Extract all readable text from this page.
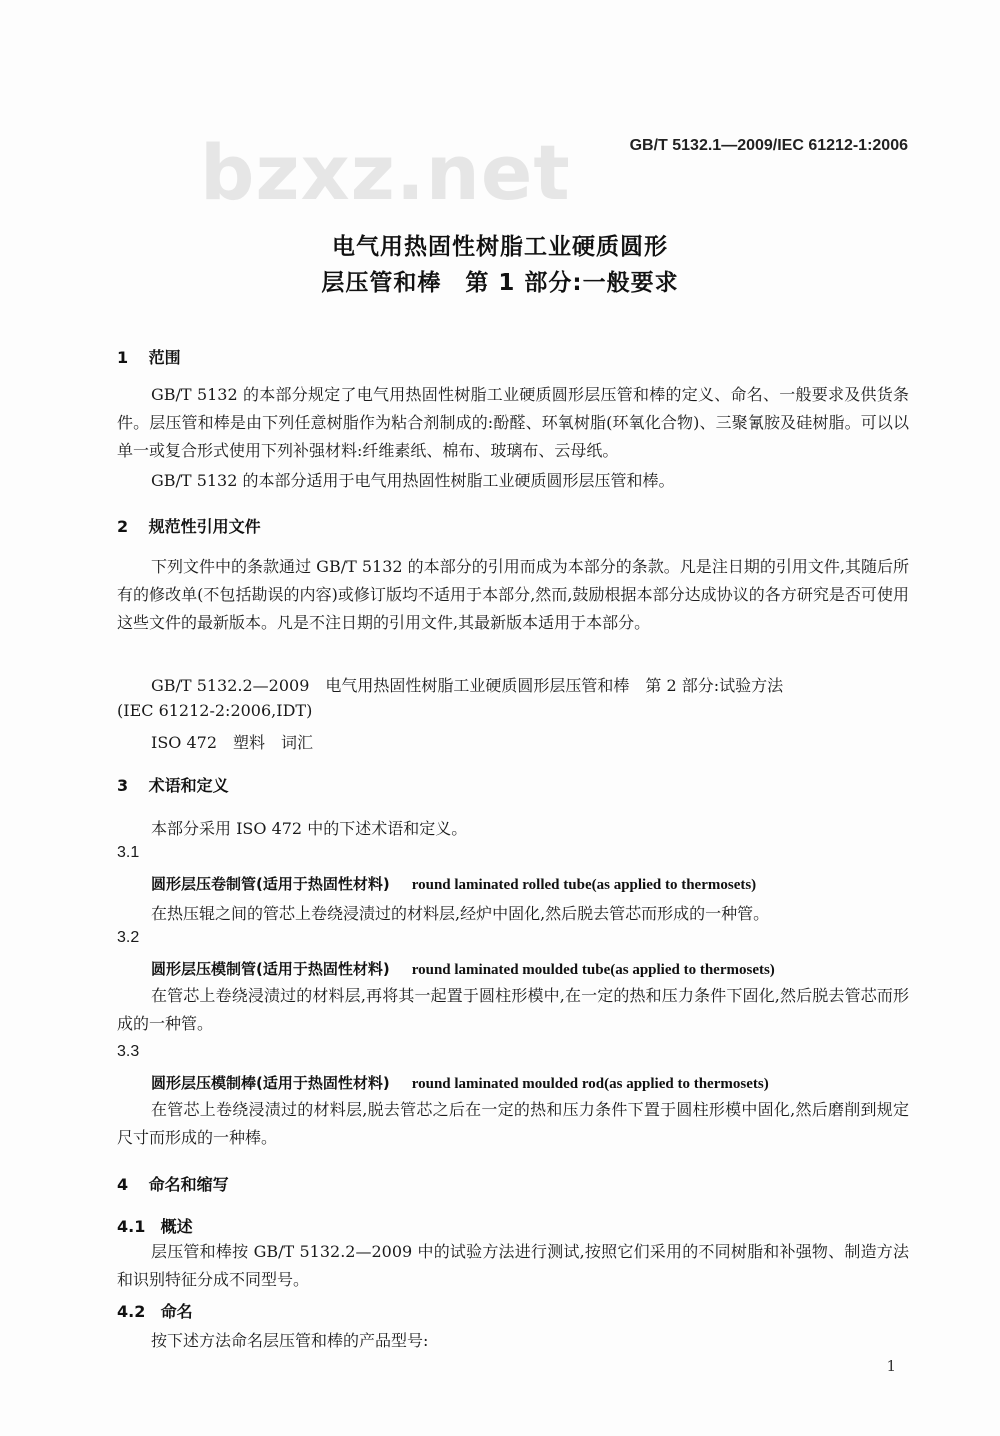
bzxz.net	GB/T 5132.1—2009/IEC 61212-1:2006
电气用热固性树脂工业硬质圆形
层压管和棒　第 1 部分:一般要求
1 范围
GB/T 5132 的本部分规定了电气用热固性树脂工业硬质圆形层压管和棒的定义、命名、一般要求及供货条件。层压管和棒是由下列任意树脂作为粘合剂制成的:酚醛、环氧树脂(环氧化合物)、三聚氰胺及硅树脂。可以以单一或复合形式使用下列补强材料:纤维素纸、棉布、玻璃布、云母纸。
GB/T 5132 的本部分适用于电气用热固性树脂工业硬质圆形层压管和棒。
2 规范性引用文件
下列文件中的条款通过 GB/T 5132 的本部分的引用而成为本部分的条款。凡是注日期的引用文件,其随后所有的修改单(不包括勘误的内容)或修订版均不适用于本部分,然而,鼓励根据本部分达成协议的各方研究是否可使用这些文件的最新版本。凡是不注日期的引用文件,其最新版本适用于本部分。
GB/T 5132.2—2009　电气用热固性树脂工业硬质圆形层压管和棒　第 2 部分:试验方法
(IEC 61212-2:2006,IDT)
ISO 472　塑料　词汇
3 术语和定义
本部分采用 ISO 472 中的下述术语和定义。
3.1
圆形层压卷制管(适用于热固性材料) round laminated rolled tube(as applied to thermosets)
在热压辊之间的管芯上卷绕浸渍过的材料层,经炉中固化,然后脱去管芯而形成的一种管。
3.2
圆形层压模制管(适用于热固性材料) round laminated moulded tube(as applied to thermosets)
在管芯上卷绕浸渍过的材料层,再将其一起置于圆柱形模中,在一定的热和压力条件下固化,然后脱去管芯而形成的一种管。
3.3
圆形层压模制棒(适用于热固性材料) round laminated moulded rod(as applied to thermosets)
在管芯上卷绕浸渍过的材料层,脱去管芯之后在一定的热和压力条件下置于圆柱形模中固化,然后磨削到规定尺寸而形成的一种棒。
4 命名和缩写
4.1 概述
层压管和棒按 GB/T 5132.2—2009 中的试验方法进行测试,按照它们采用的不同树脂和补强物、制造方法和识别特征分成不同型号。
4.2 命名
按下述方法命名层压管和棒的产品型号:
1
